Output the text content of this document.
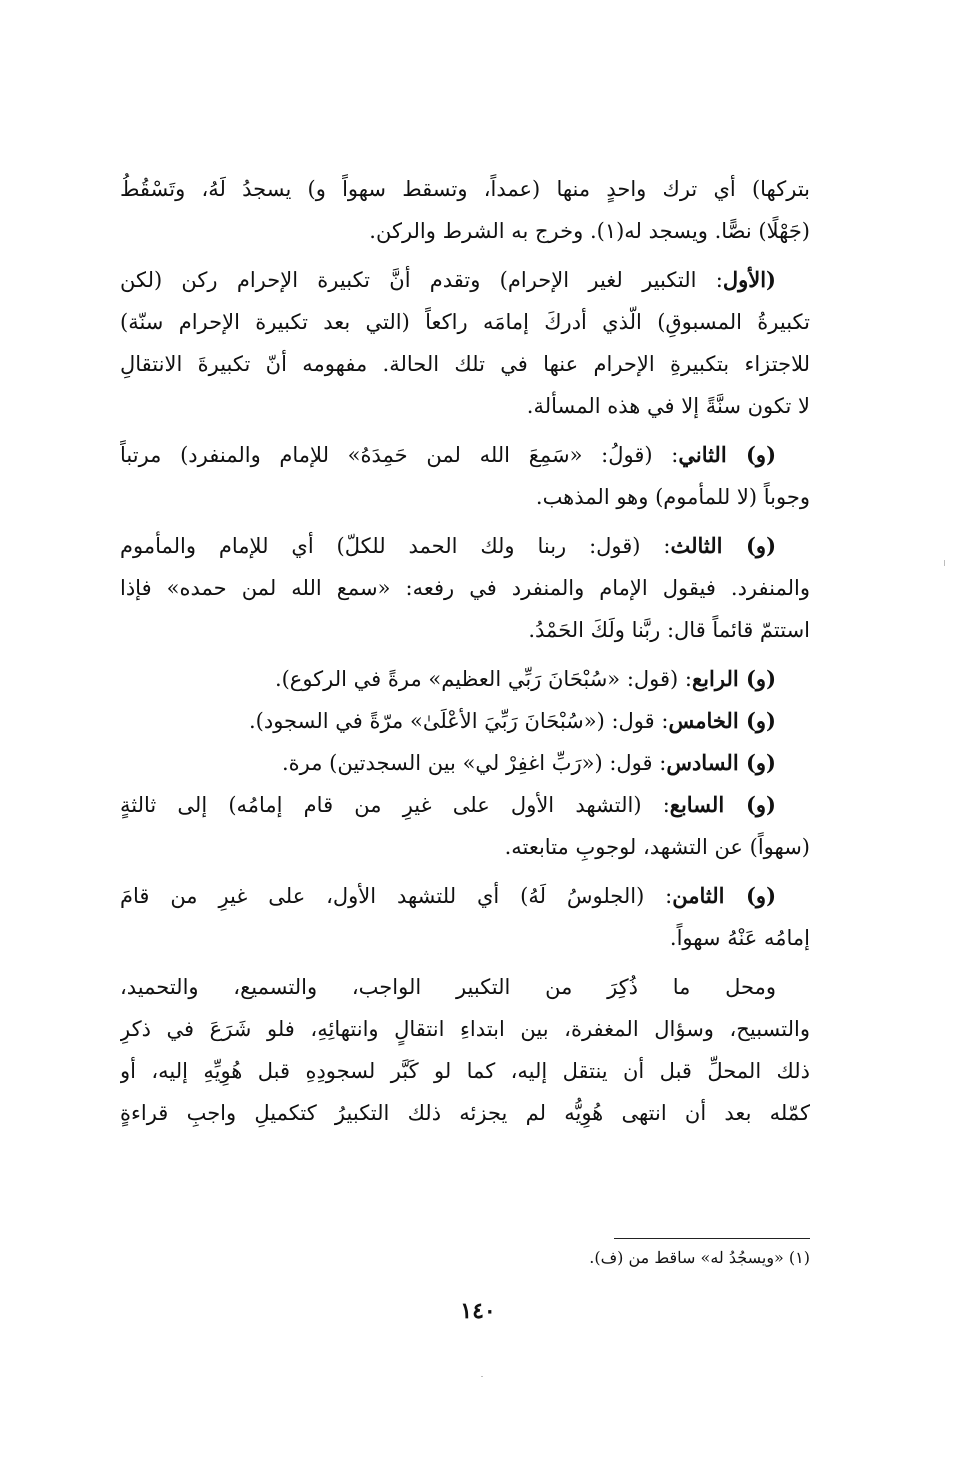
بتركها) أي ترك واحدٍ منها (عمداً، وتسقط سهواً و) يسجدُ لَهُ، وتَسْقُطُ
(جَهْلًا) نصًّا. ويسجد له(١). وخرج به الشرط والركن.
(الأول: التكبير لغير الإحرام) وتقدم أنَّ تكبيرة الإحرام ركن (لكن
تكبيرةُ المسبوقِ) الّذي أدركَ إمامَه راكعاً (التي بعد تكبيرة الإحرام سنّة)
للاجتزاء بتكبيرةِ الإحرام عنها في تلك الحالة. مفهومه أنّ تكبيرةَ الانتقالِ
لا تكون سنَّةً إلا في هذه المسألة.
(و) الثاني: (قولُ: «سَمِعَ الله لمن حَمِدَهُ» للإمام والمنفرد) مرتباً
وجوباً (لا للمأموم) وهو المذهب.
(و) الثالث: (قول: ربنا ولك الحمد للكلّ) أي للإمام والمأموم
والمنفرد. فيقول الإمام والمنفرد في رفعه: «سمع الله لمن حمده» فإذا
استتمّ قائماً قال: ربَّنا ولَكَ الحَمْدُ.
(و) الرابع: (قول: «سُبْحَانَ رَبِّي العظيم» مرةً في الركوع).
(و) الخامس: قول: («سُبْحَانَ رَبِّيَ الأعْلَىٰ» مرّةً في السجود).
(و) السادس: قول: («رَبِّ اغفِرْ لي» بين السجدتين) مرة.
(و) السابع: (التشهد الأول على غيرِ من قام إمامُه) إلى ثالثةٍ
(سهواً) عن التشهد، لوجوبِ متابعته.
(و) الثامن: (الجلوسُ لَهُ) أي للتشهد الأول، على غيرِ من قامَ
إمامُه عَنْهُ سهواً.
ومحل ما ذُكِرَ من التكبير الواجب، والتسميع، والتحميد،
والتسبيح، وسؤال المغفرة، بين ابتداءِ انتقالٍ وانتهائِهِ، فلو شَرَعَ في ذكرِ
ذلك المحلِّ قبل أن ينتقل إليه، كما لو كَبَّر لسجودِهِ قبل هُوِيِّهِ إليه، أو
كمّله بعد أن انتهى هُوِيُّه لم يجزئه ذلك التكبيرُ كتكميلِ واجبِ قراءةٍ
(١) «ويسجُدُ له» ساقط من (ف).
١٤٠
